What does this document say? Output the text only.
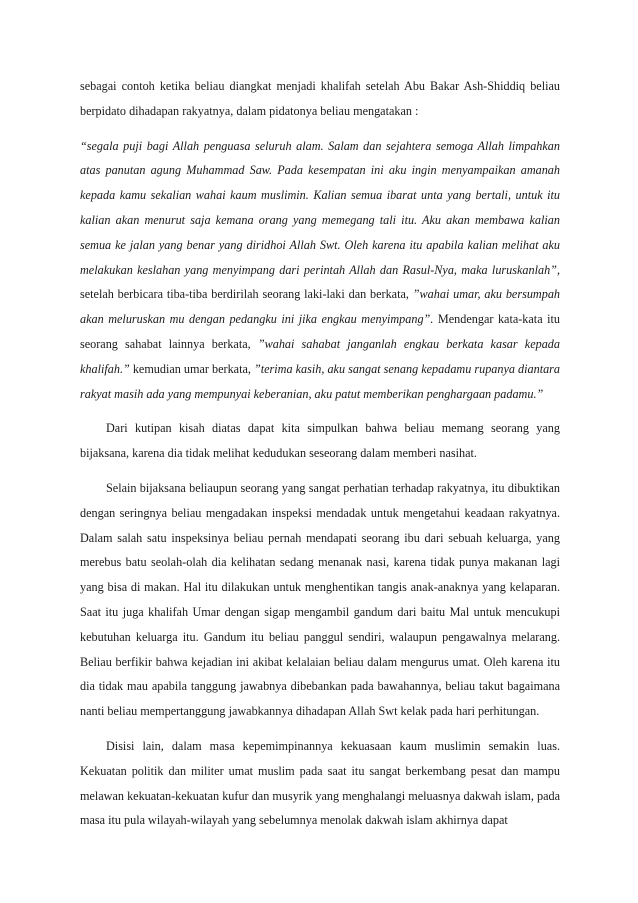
sebagai contoh ketika beliau diangkat menjadi khalifah setelah Abu Bakar Ash-Shiddiq beliau berpidato dihadapan rakyatnya, dalam pidatonya beliau mengatakan :

“segala puji bagi Allah penguasa seluruh alam. Salam dan sejahtera semoga Allah limpahkan atas panutan agung Muhammad Saw. Pada kesempatan ini aku ingin menyampaikan amanah kepada kamu sekalian wahai kaum muslimin. Kalian semua ibarat unta yang bertali, untuk itu kalian akan menurut saja kemana orang yang memegang tali itu. Aku akan membawa kalian semua ke jalan yang benar yang diridhoi Allah Swt. Oleh karena itu apabila kalian melihat aku melakukan keslahan yang menyimpang dari perintah Allah dan Rasul-Nya, maka luruskanlah”, setelah berbicara tiba-tiba berdirilah seorang laki-laki dan berkata, ”wahai umar, aku bersumpah akan meluruskan mu dengan pedangku ini jika engkau menyimpang”. Mendengar kata-kata itu seorang sahabat lainnya berkata, ”wahai sahabat janganlah engkau berkata kasar kepada khalifah.” kemudian umar berkata, ”terima kasih, aku sangat senang kepadamu rupanya diantara rakyat masih ada yang mempunyai keberanian, aku patut memberikan penghargaan padamu.”

Dari kutipan kisah diatas dapat kita simpulkan bahwa beliau memang seorang yang bijaksana, karena dia tidak melihat kedudukan seseorang dalam memberi nasihat.

Selain bijaksana beliaupun seorang yang sangat perhatian terhadap rakyatnya, itu dibuktikan dengan seringnya beliau mengadakan inspeksi mendadak untuk mengetahui keadaan rakyatnya. Dalam salah satu inspeksinya beliau pernah mendapati seorang ibu dari sebuah keluarga, yang merebus batu seolah-olah dia kelihatan sedang menanak nasi, karena tidak punya makanan lagi yang bisa di makan. Hal itu dilakukan untuk menghentikan tangis anak-anaknya yang kelaparan. Saat itu juga khalifah Umar dengan sigap mengambil gandum dari baitu Mal untuk mencukupi kebutuhan keluarga itu. Gandum itu beliau panggul sendiri, walaupun pengawalnya melarang. Beliau berfikir bahwa kejadian ini akibat kelalaian beliau dalam mengurus umat. Oleh karena itu dia tidak mau apabila tanggung jawabnya dibebankan pada bawahannya, beliau takut bagaimana nanti beliau mempertanggung jawabkannya dihadapan Allah Swt kelak pada hari perhitungan.

Disisi lain, dalam masa kepemimpinannya kekuasaan kaum muslimin semakin luas. Kekuatan politik dan militer umat muslim pada saat itu sangat berkembang pesat dan mampu melawan kekuatan-kekuatan kufur dan musyrik yang menghalangi meluasnya dakwah islam, pada masa itu pula wilayah-wilayah yang sebelumnya menolak dakwah islam akhirnya dapat
